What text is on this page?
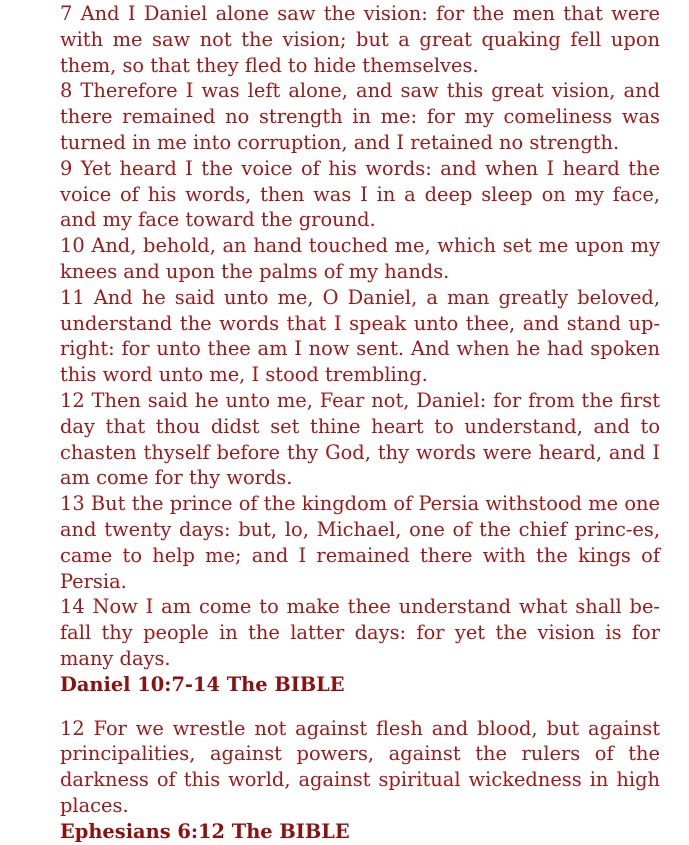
7 And I Daniel alone saw the vision: for the men that were with me saw not the vision; but a great quaking fell upon them, so that they fled to hide themselves.

8 Therefore I was left alone, and saw this great vision, and there remained no strength in me: for my comeliness was turned in me into corruption, and I retained no strength.

9 Yet heard I the voice of his words: and when I heard the voice of his words, then was I in a deep sleep on my face, and my face toward the ground.

10 And, behold, an hand touched me, which set me upon my knees and upon the palms of my hands.

11 And he said unto me, O Daniel, a man greatly beloved, understand the words that I speak unto thee, and stand up-right: for unto thee am I now sent. And when he had spoken this word unto me, I stood trembling.

12 Then said he unto me, Fear not, Daniel: for from the first day that thou didst set thine heart to understand, and to chasten thyself before thy God, thy words were heard, and I am come for thy words.

13 But the prince of the kingdom of Persia withstood me one and twenty days: but, lo, Michael, one of the chief princ-es, came to help me; and I remained there with the kings of Persia.

14 Now I am come to make thee understand what shall be-fall thy people in the latter days: for yet the vision is for many days.

Daniel 10:7-14 The BIBLE

12 For we wrestle not against flesh and blood, but against principalities, against powers, against the rulers of the darkness of this world, against spiritual wickedness in high places.

Ephesians 6:12 The BIBLE
